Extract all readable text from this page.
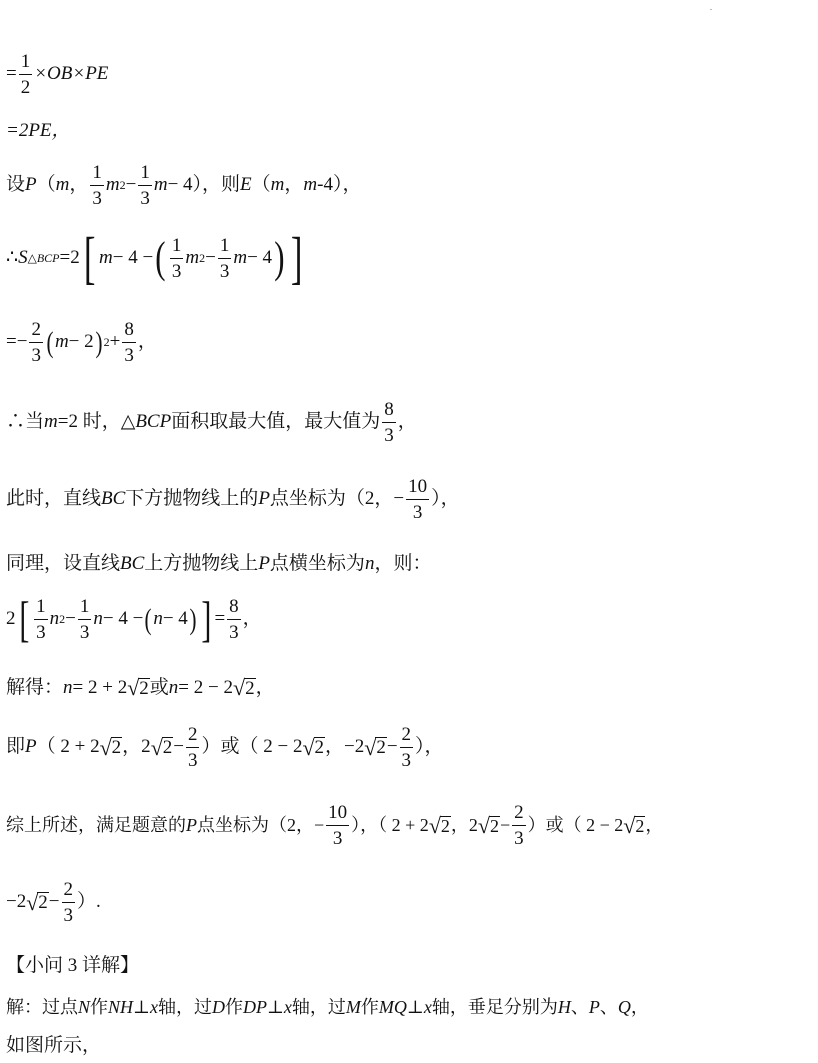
.
= $\frac{1}{2} \times OB\times PE$
=2PE，
设 P （ m ， $\frac{1}{3}$ m $2 - \frac{1}{3}$ m − 4），则 E （ m ， m -4），
∴ S △BCP =2 [ m − 4 − ( $\frac{1}{3}$ m $2 - \frac{1}{3}$ m − 4 ) ]
=− $\frac{2}{3}$ ( m − 2 ) $2 + \frac{8}{3}$ ，
∴当 m =2 时，△ BCP 面积取最大值，最大值为 $\frac{8}{3}$ ，
此时，直线 BC 下方抛物线上的 P 点坐标为（2，− $\frac{10}{3}$ ），
同理，设直线 BC 上方抛物线上 P 点横坐标为 n ，则：
2 [ $\frac{1}{3}$ n $2 - \frac{1}{3}$ n − 4 − ( n − 4 ) ] = $\frac{8}{3}$ ，
解得： n = 2 + 2 √ 2 或 n = 2 − 2 √ 2 ，
即 P （ 2 + 2 √ 2 ，2 √ $2 - \frac{2}{3}$ ）或（ 2 − 2 √ 2 ，−2 √ $2 - \frac{2}{3}$ ），
综上所述，满足题意的 P 点坐标为（2，− $\frac{10}{3}$ ），（ 2 + 2 √ 2 ，2 √ $2 - \frac{2}{3}$ ）或（ 2 − 2 √ 2 ，
−2 √ $2 - \frac{2}{3}$ ）.
【小问 3 详解】
解：过点 N 作 NH ⊥ x 轴，过 D 作 DP ⊥ x 轴，过 M 作 MQ ⊥ x 轴，垂足分别为 H 、 P 、 Q ，
如图所示，
